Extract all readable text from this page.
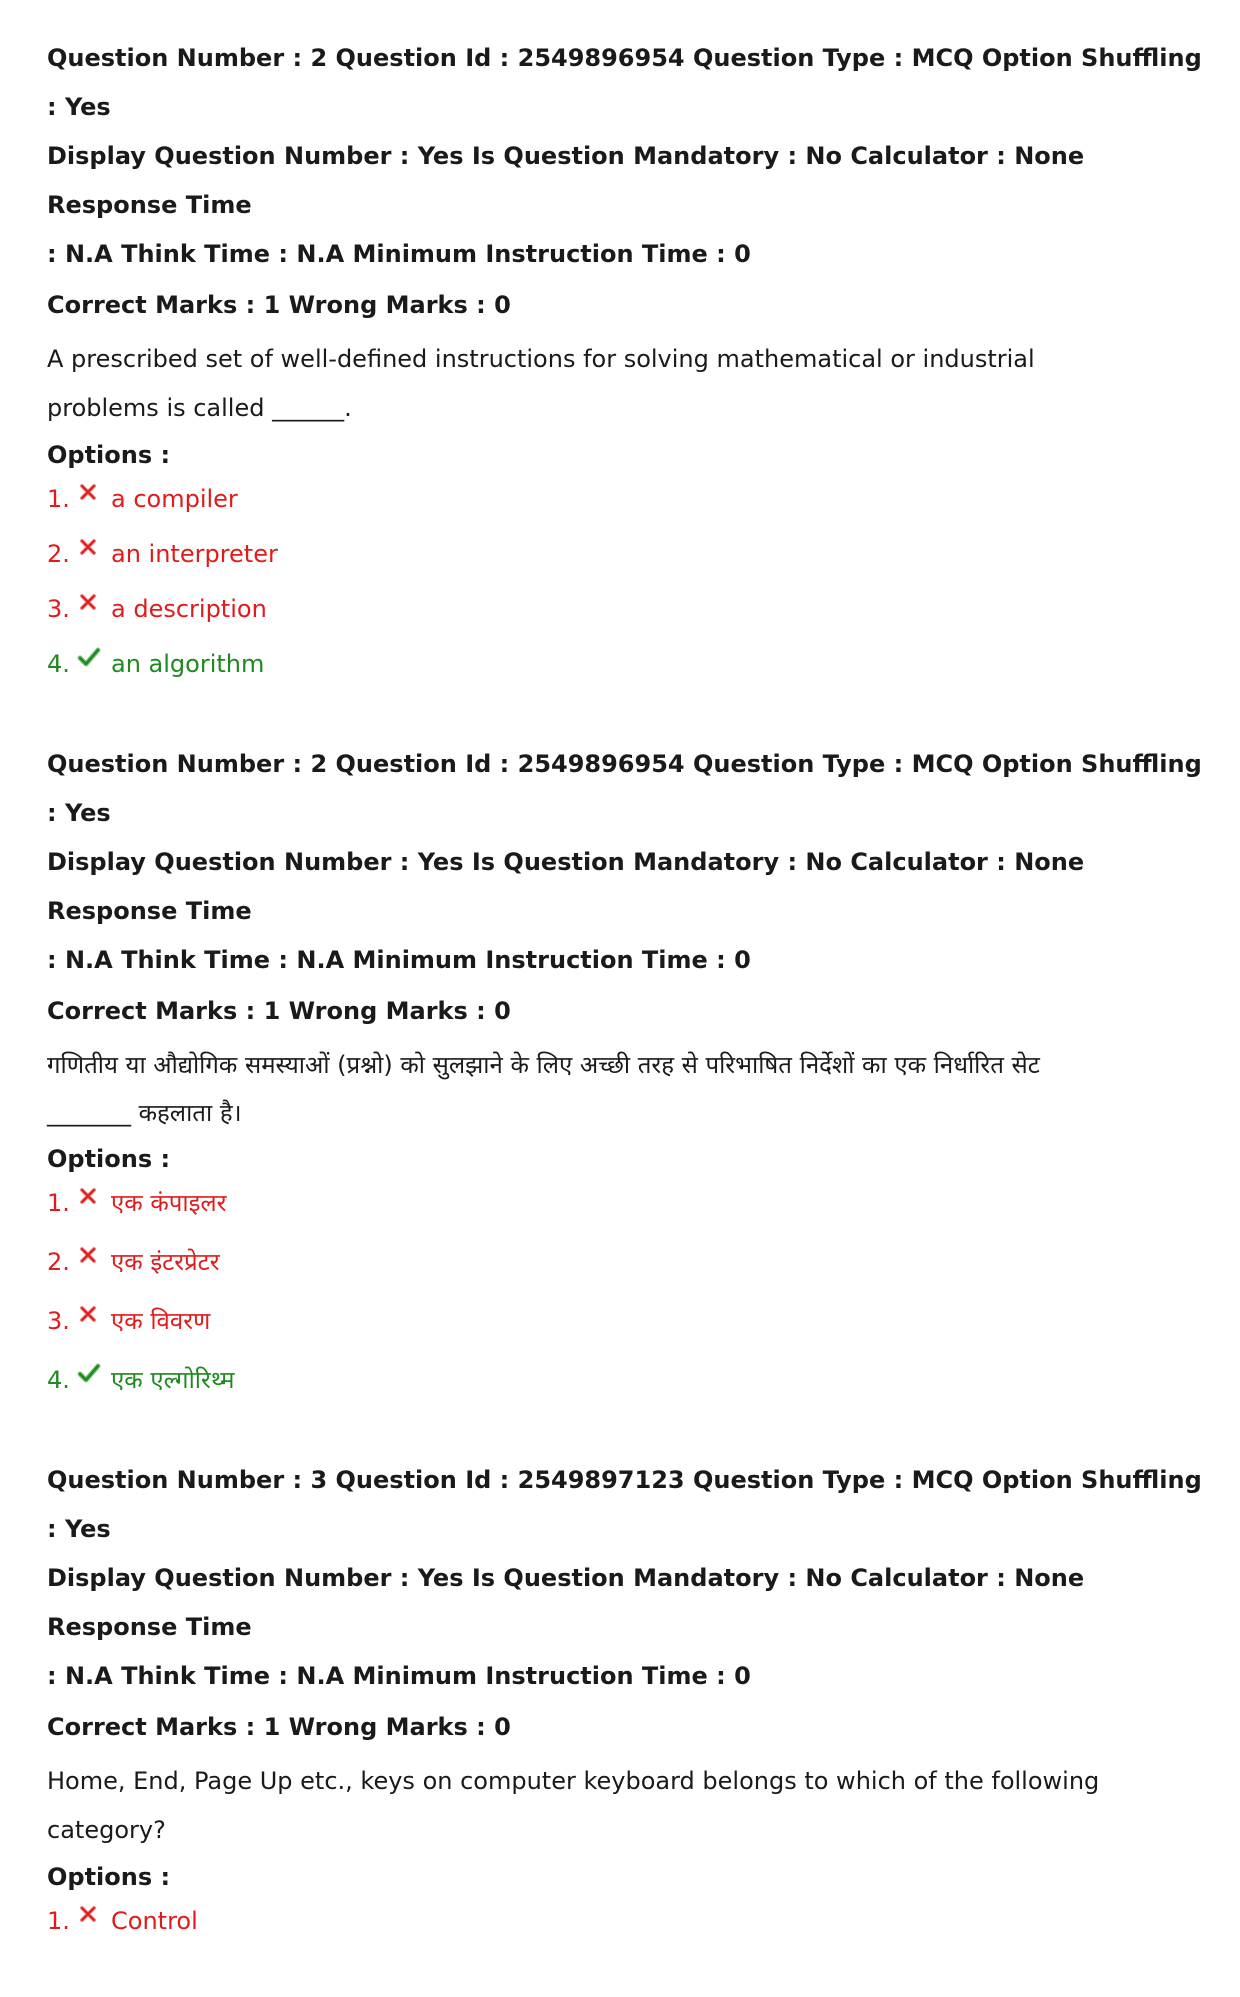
Question Number : 2 Question Id : 2549896954 Question Type : MCQ Option Shuffling : Yes
Display Question Number : Yes Is Question Mandatory : No Calculator : None Response Time
: N.A Think Time : N.A Minimum Instruction Time : 0

Correct Marks : 1 Wrong Marks : 0

A prescribed set of well-defined instructions for solving mathematical or industrial problems is called ______.

Options :

1. a compiler
2. an interpreter
3. a description
4. an algorithm

Question Number : 2 Question Id : 2549896954 Question Type : MCQ Option Shuffling : Yes
Display Question Number : Yes Is Question Mandatory : No Calculator : None Response Time
: N.A Think Time : N.A Minimum Instruction Time : 0

Correct Marks : 1 Wrong Marks : 0

गणितीय या औद्योगिक समस्याओं (प्रश्नो) को सुलझाने के लिए अच्छी तरह से परिभाषित निर्देशों का एक निर्धारित सेट _______ कहलाता है।

Options :

1. एक कंपाइलर
2. एक इंटरप्रेटर
3. एक विवरण
4. एक एल्गोरिथ्म

Question Number : 3 Question Id : 2549897123 Question Type : MCQ Option Shuffling : Yes
Display Question Number : Yes Is Question Mandatory : No Calculator : None Response Time
: N.A Think Time : N.A Minimum Instruction Time : 0

Correct Marks : 1 Wrong Marks : 0

Home, End, Page Up etc., keys on computer keyboard belongs to which of the following category?

Options :

1. Control
